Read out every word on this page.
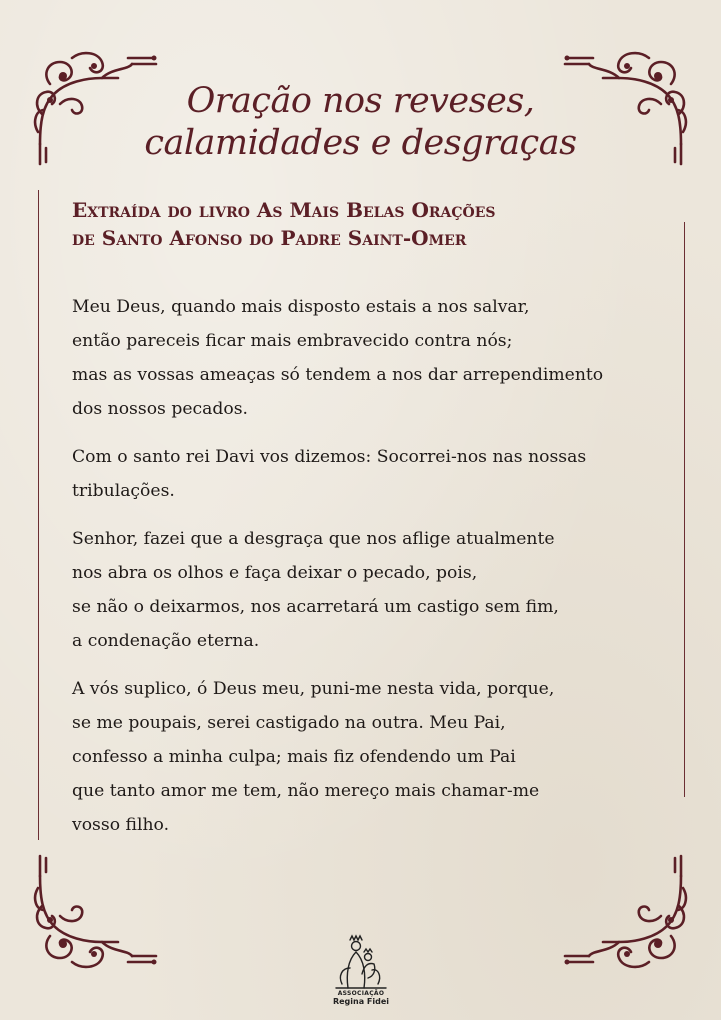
Oração nos reveses,
calamidades e desgraças
Extraída do livro As Mais Belas Orações
de Santo Afonso do Padre Saint-Omer
Meu Deus, quando mais disposto estais a nos salvar,
então pareceis ficar mais embravecido contra nós;
mas as vossas ameaças só tendem a nos dar arrependimento
dos nossos pecados.
Com o santo rei Davi vos dizemos: Socorrei-nos nas nossas
tribulações.
Senhor, fazei que a desgraça que nos aflige atualmente
nos abra os olhos e faça deixar o pecado, pois,
se não o deixarmos, nos acarretará um castigo sem fim,
a condenação eterna.
A vós suplico, ó Deus meu, puni-me nesta vida, porque,
se me poupais, serei castigado na outra. Meu Pai,
confesso a minha culpa; mais fiz ofendendo um Pai
que tanto amor me tem, não mereço mais chamar-me
vosso filho.
ASSOCIAÇÃO
Regina Fidei
